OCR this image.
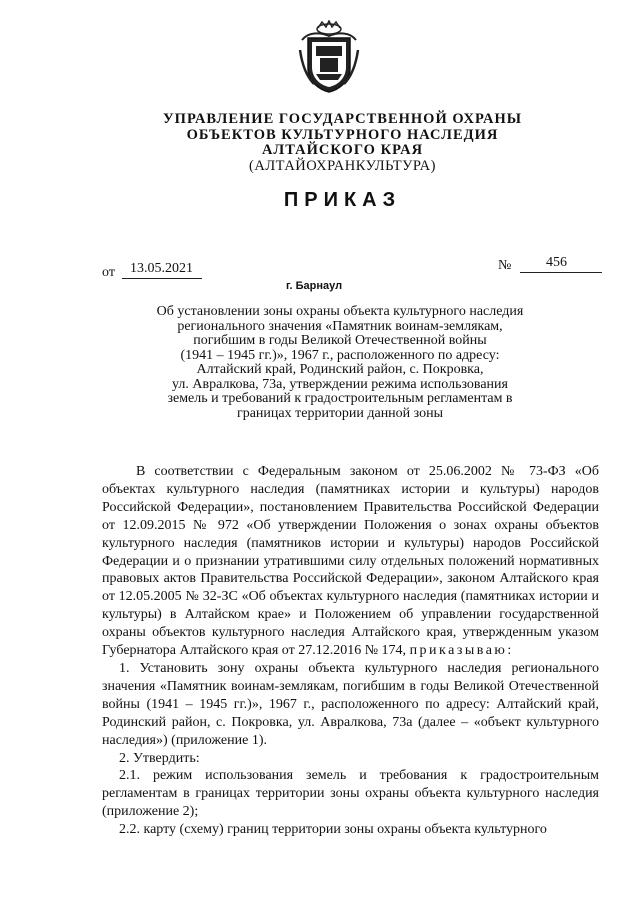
УПРАВЛЕНИЕ ГОСУДАРСТВЕННОЙ ОХРАНЫ
ОБЪЕКТОВ КУЛЬТУРНОГО НАСЛЕДИЯ
АЛТАЙСКОГО КРАЯ
(АЛТАЙОХРАНКУЛЬТУРА)
ПРИКАЗ
от 13.05.2021	№ 456
г. Барнаул
Об установлении зоны охраны объекта культурного наследия
регионального значения «Памятник воинам-землякам,
погибшим в годы Великой Отечественной войны
(1941 – 1945 гг.)», 1967 г., расположенного по адресу:
Алтайский край, Родинский район, с. Покровка,
ул. Авралкова, 73а, утверждении режима использования
земель и требований к градостроительным регламентам в
границах территории данной зоны

В соответствии с Федеральным законом от 25.06.2002 № 73-ФЗ «Об объектах культурного наследия (памятниках истории и культуры) народов Российской Федерации», постановлением Правительства Российской Федерации от 12.09.2015 № 972 «Об утверждении Положения о зонах охраны объектов культурного наследия (памятников истории и культуры) народов Российской Федерации и о признании утратившими силу отдельных положений нормативных правовых актов Правительства Российской Федерации», законом Алтайского края от 12.05.2005 № 32-ЗС «Об объектах культурного наследия (памятниках истории и культуры) в Алтайском крае» и Положением об управлении государственной охраны объектов культурного наследия Алтайского края, утвержденным указом Губернатора Алтайского края от 27.12.2016 № 174, приказываю:

1. Установить зону охраны объекта культурного наследия регионального значения «Памятник воинам-землякам, погибшим в годы Великой Отечественной войны (1941 – 1945 гг.)», 1967 г., расположенного по адресу: Алтайский край, Родинский район, с. Покровка, ул. Авралкова, 73а (далее – «объект культурного наследия») (приложение 1).

2. Утвердить:

2.1. режим использования земель и требования к градостроительным регламентам в границах территории зоны охраны объекта культурного наследия (приложение 2);

2.2. карту (схему) границ территории зоны охраны объекта культурного
